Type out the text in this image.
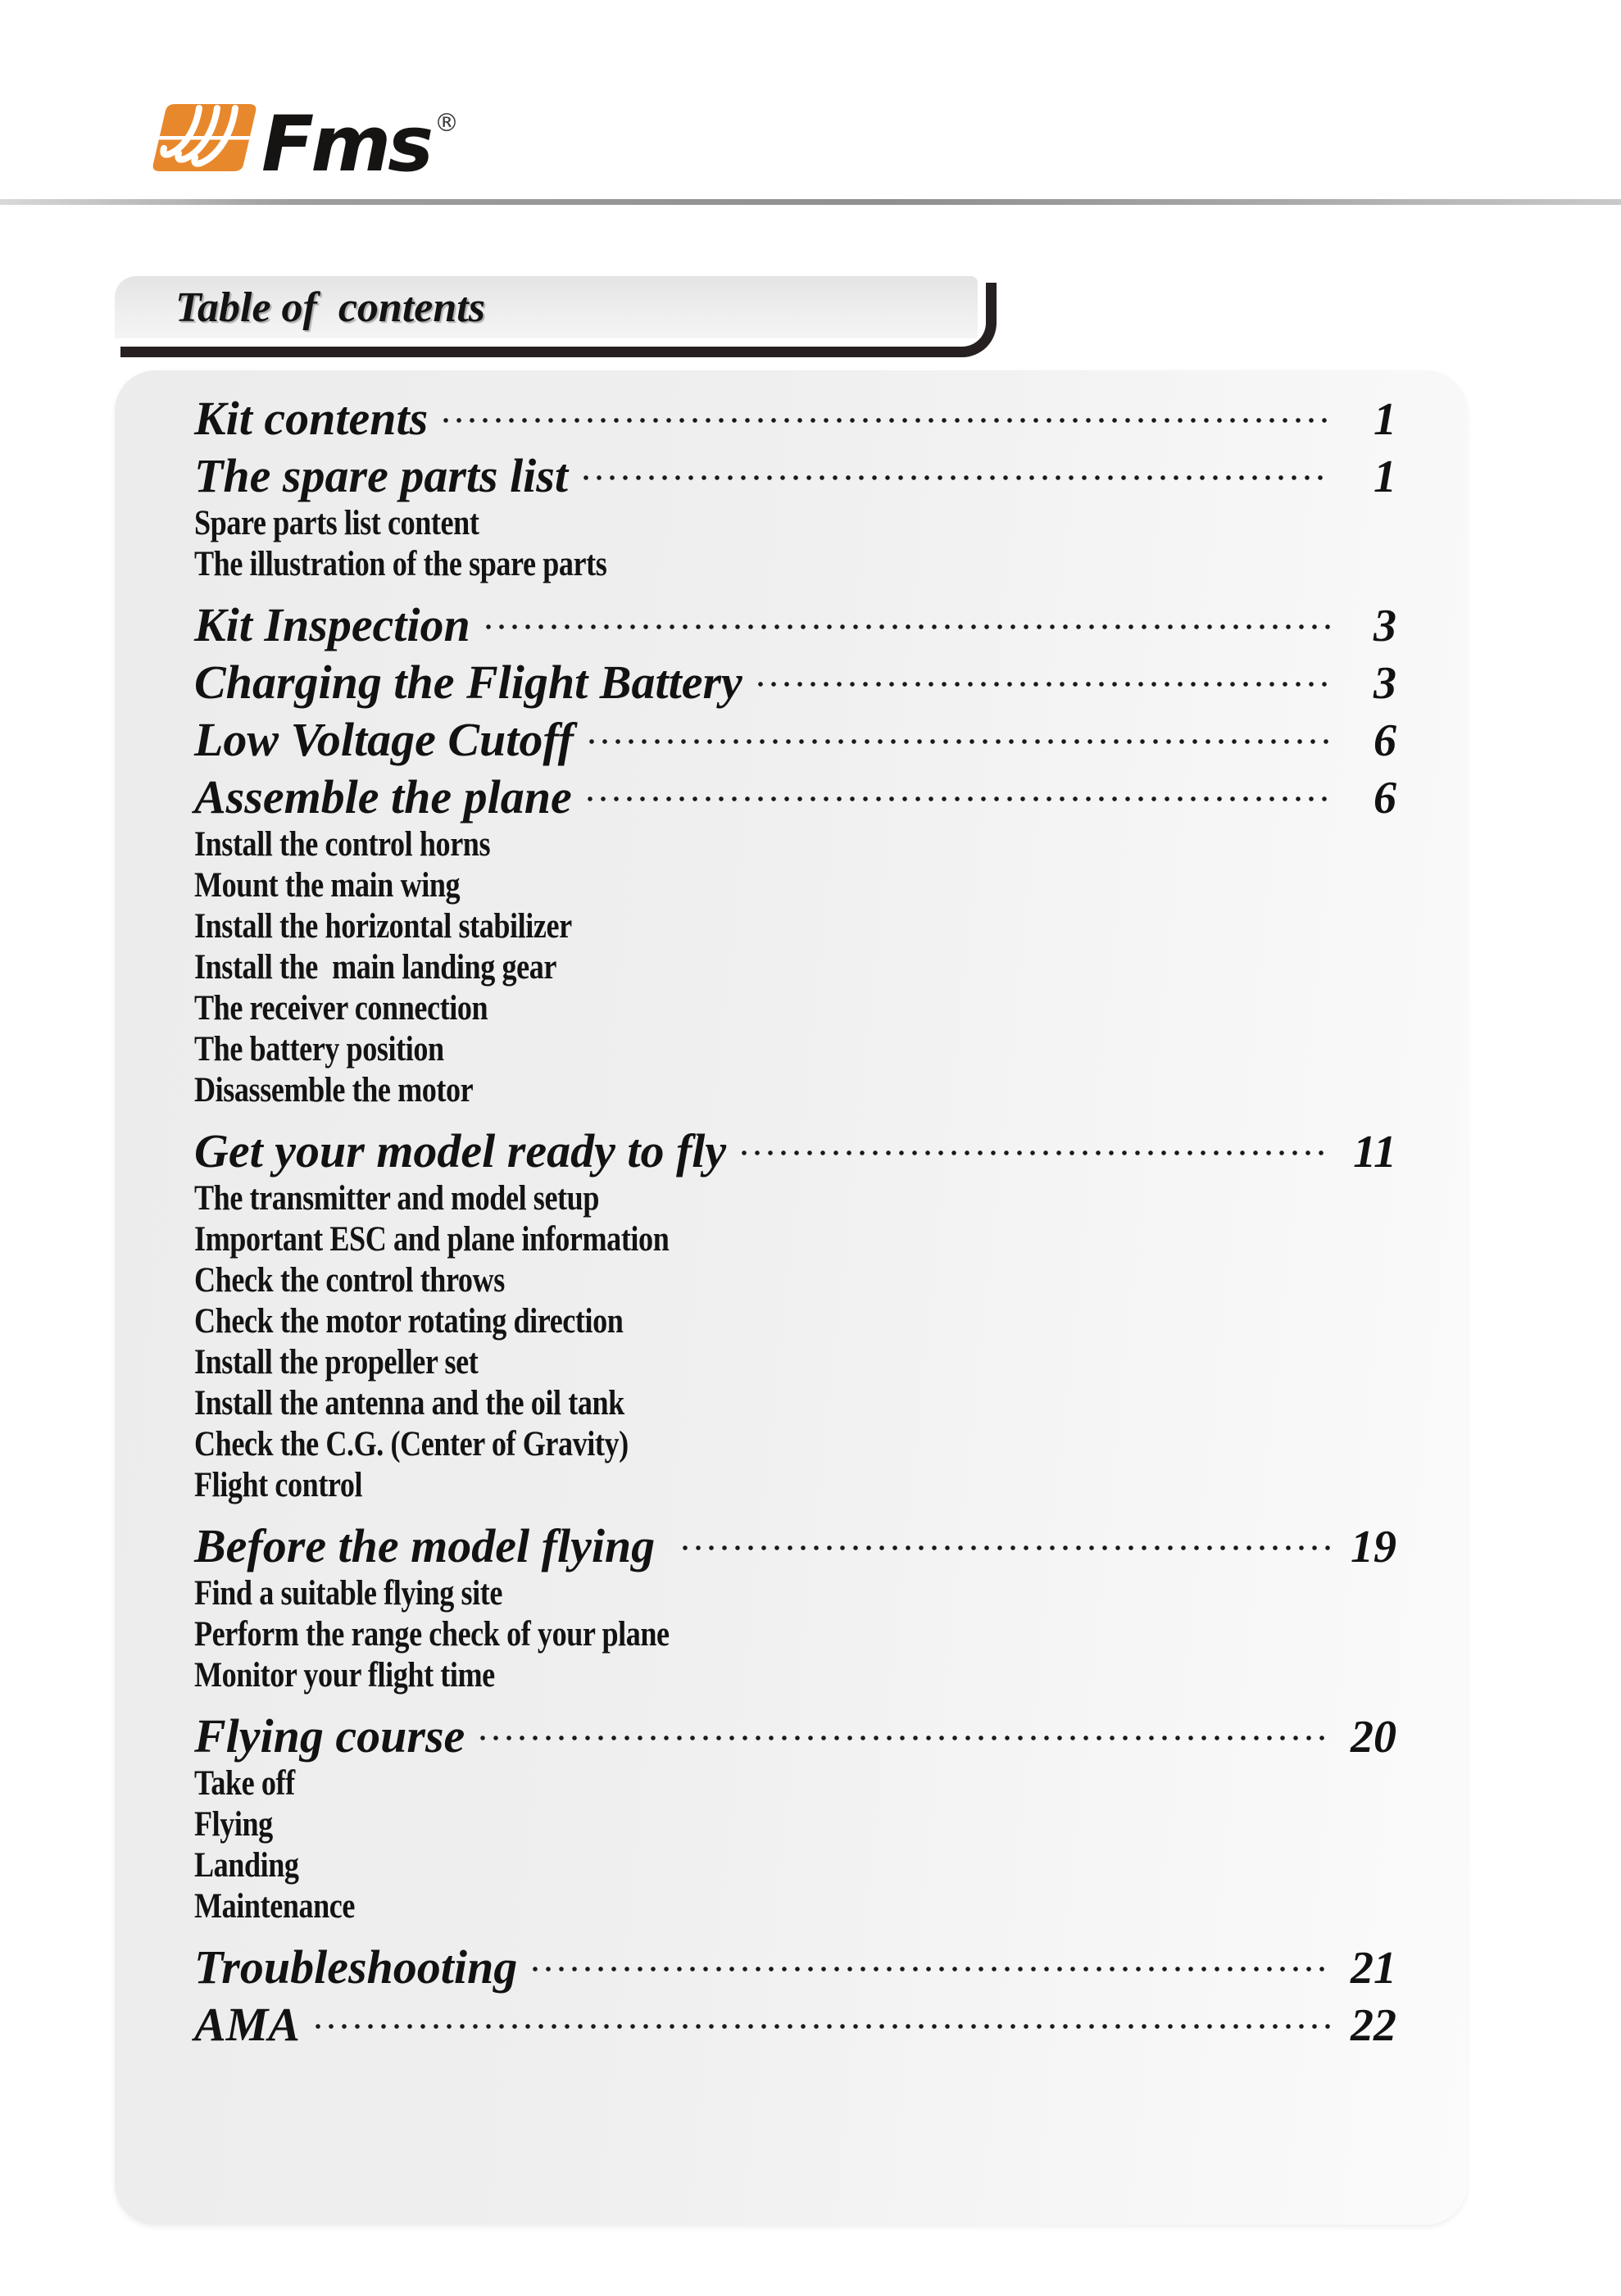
Fms ®
Table of  contents
Kit contents	1
The spare parts list	1
Spare parts list content
The illustration of the spare parts
Kit Inspection	3
Charging the Flight Battery	3
Low Voltage Cutoff	6
Assemble the plane	6
Install the control horns
Mount the main wing
Install the horizontal stabilizer
Install the  main landing gear
The receiver connection
The battery position
Disassemble the motor
Get your model ready to fly	11
The transmitter and model setup
Important ESC and plane information
Check the control throws
Check the motor rotating direction
Install the propeller set
Install the antenna and the oil tank
Check the C.G. (Center of Gravity)
Flight control
Before the model flying	19
Find a suitable flying site
Perform the range check of your plane
Monitor your flight time
Flying course	20
Take off
Flying
Landing
Maintenance
Troubleshooting	21
AMA	22
